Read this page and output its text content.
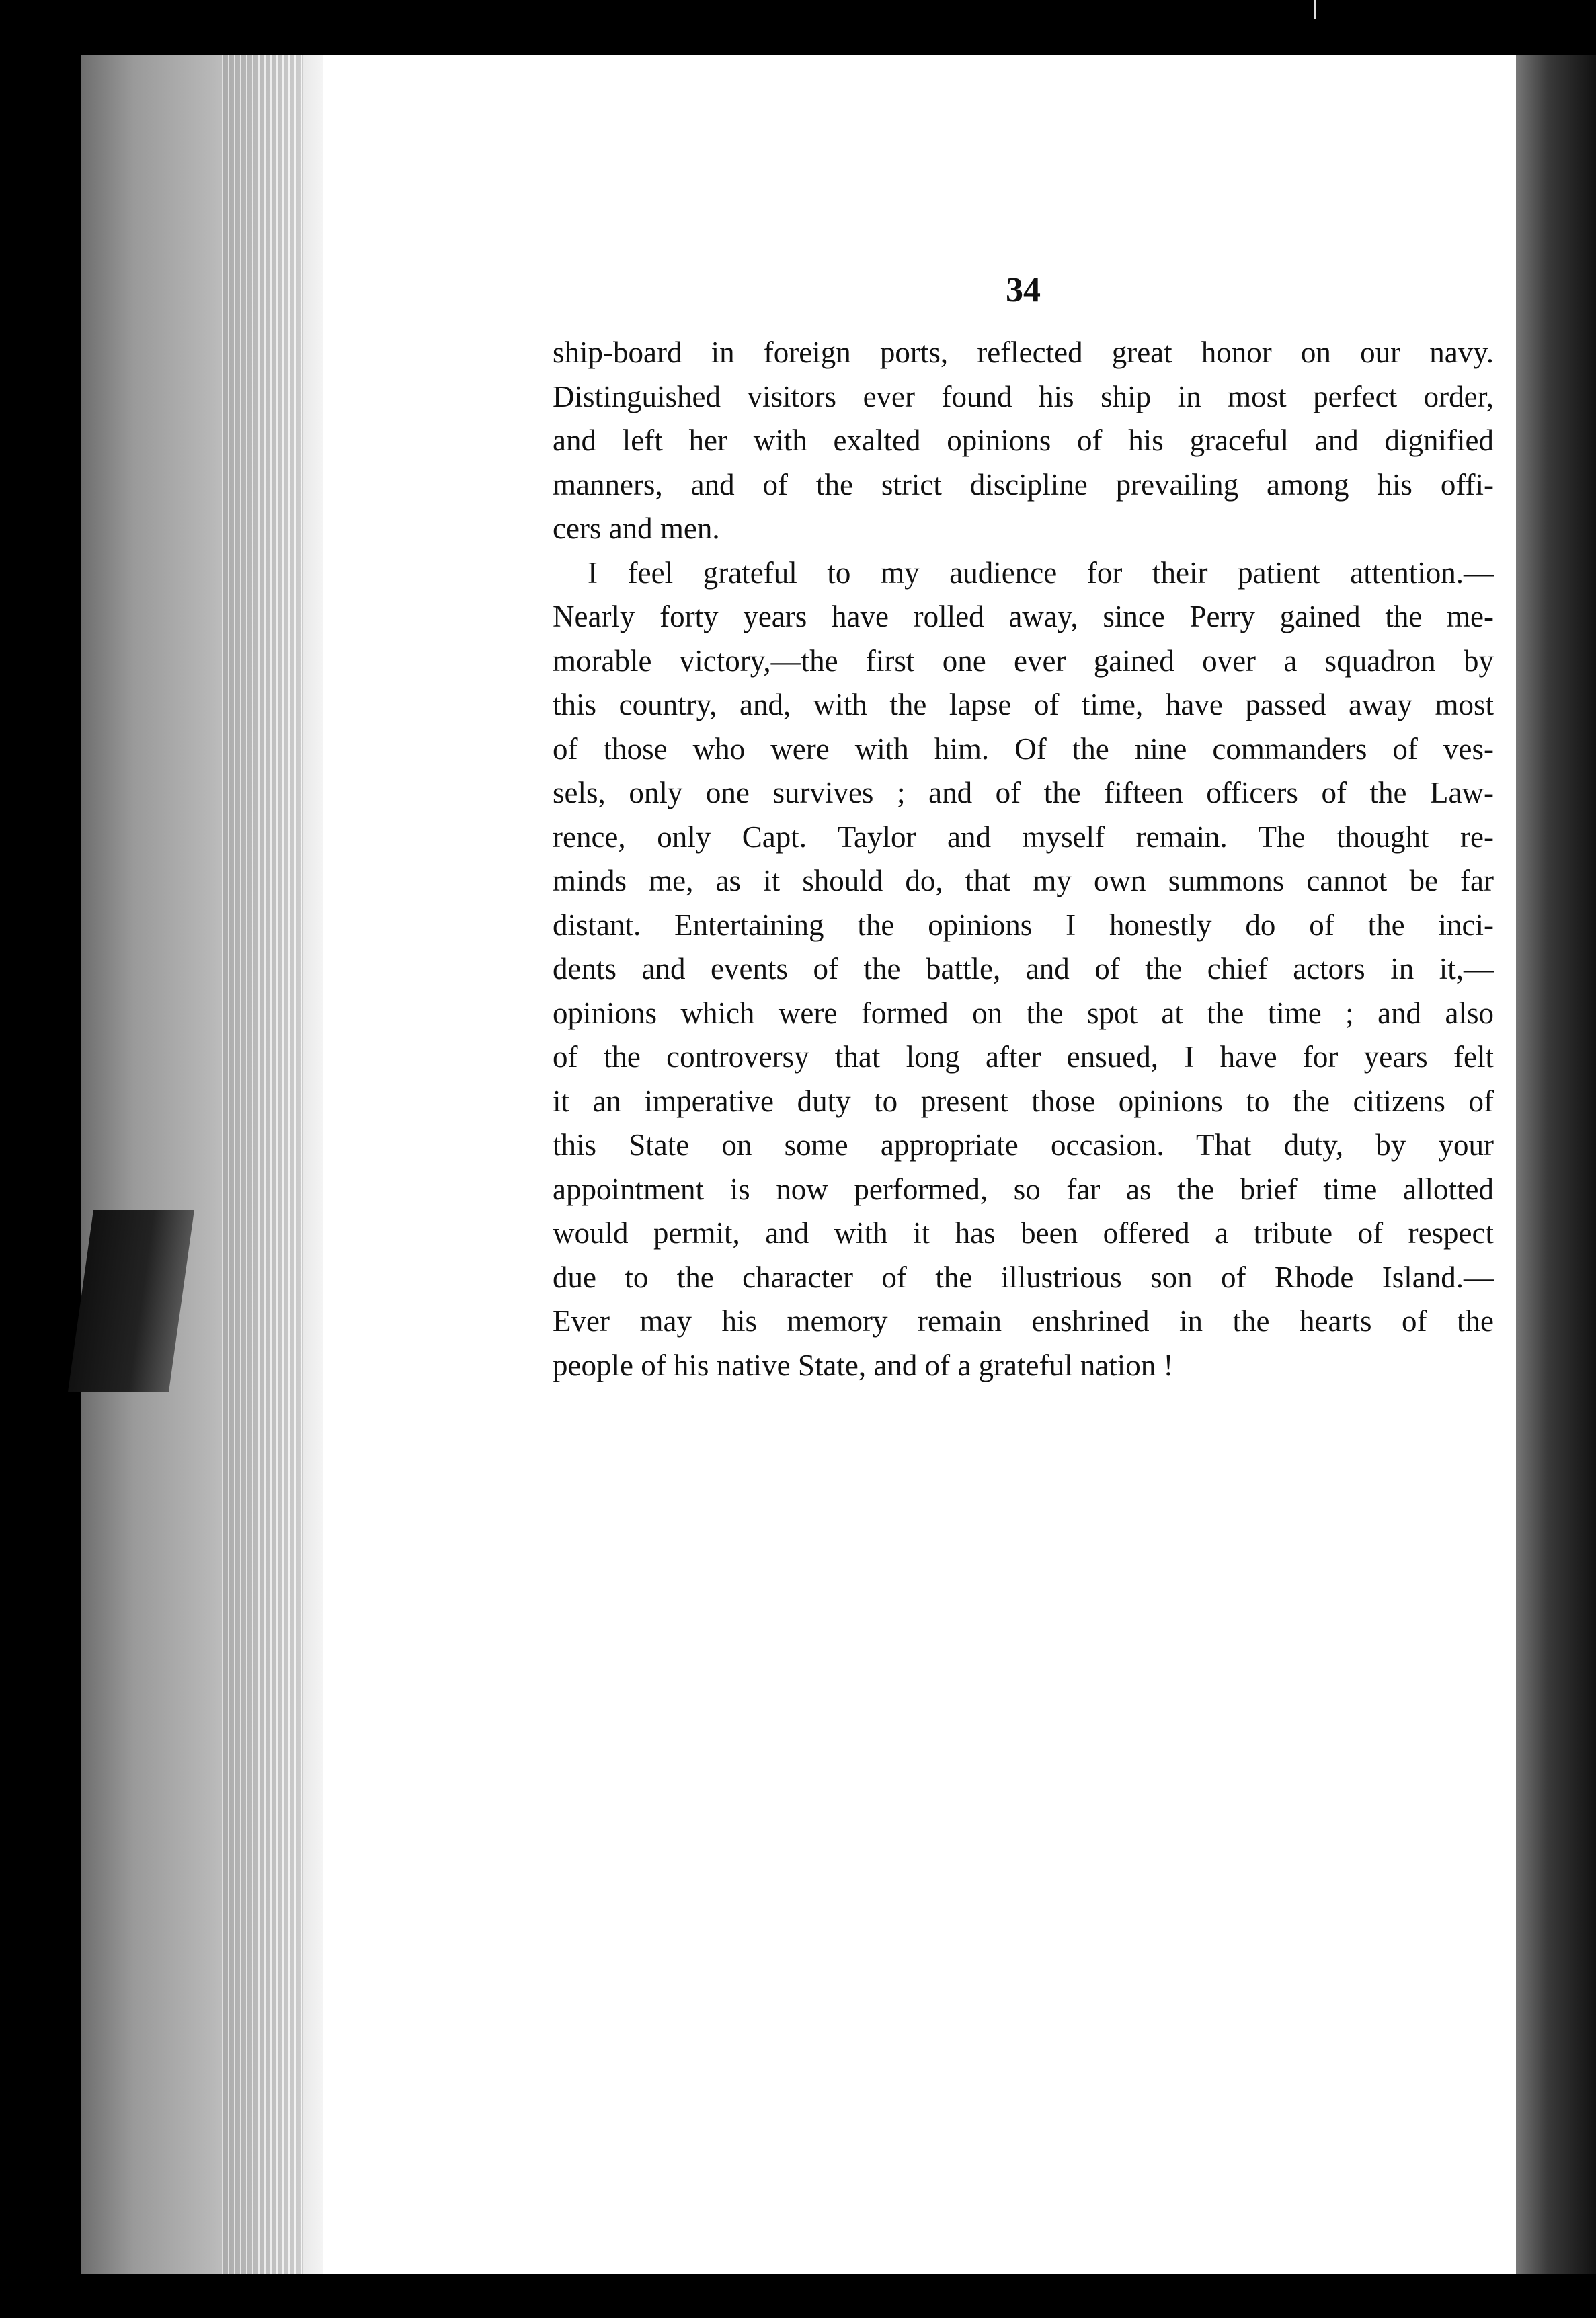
34
ship-board in foreign ports, reflected great honor on our navy.
Distinguished visitors ever found his ship in most perfect order,
and left her with exalted opinions of his graceful and dignified
manners, and of the strict discipline prevailing among his offi-
cers and men.
I feel grateful to my audience for their patient attention.—
Nearly forty years have rolled away, since Perry gained the me-
morable victory,—the first one ever gained over a squadron by
this country, and, with the lapse of time, have passed away most
of those who were with him. Of the nine commanders of ves-
sels, only one survives ; and of the fifteen officers of the Law-
rence, only Capt. Taylor and myself remain. The thought re-
minds me, as it should do, that my own summons cannot be far
distant. Entertaining the opinions I honestly do of the inci-
dents and events of the battle, and of the chief actors in it,—
opinions which were formed on the spot at the time ; and also
of the controversy that long after ensued, I have for years felt
it an imperative duty to present those opinions to the citizens of
this State on some appropriate occasion. That duty, by your
appointment is now performed, so far as the brief time allotted
would permit, and with it has been offered a tribute of respect
due to the character of the illustrious son of Rhode Island.—
Ever may his memory remain enshrined in the hearts of the
people of his native State, and of a grateful nation !
